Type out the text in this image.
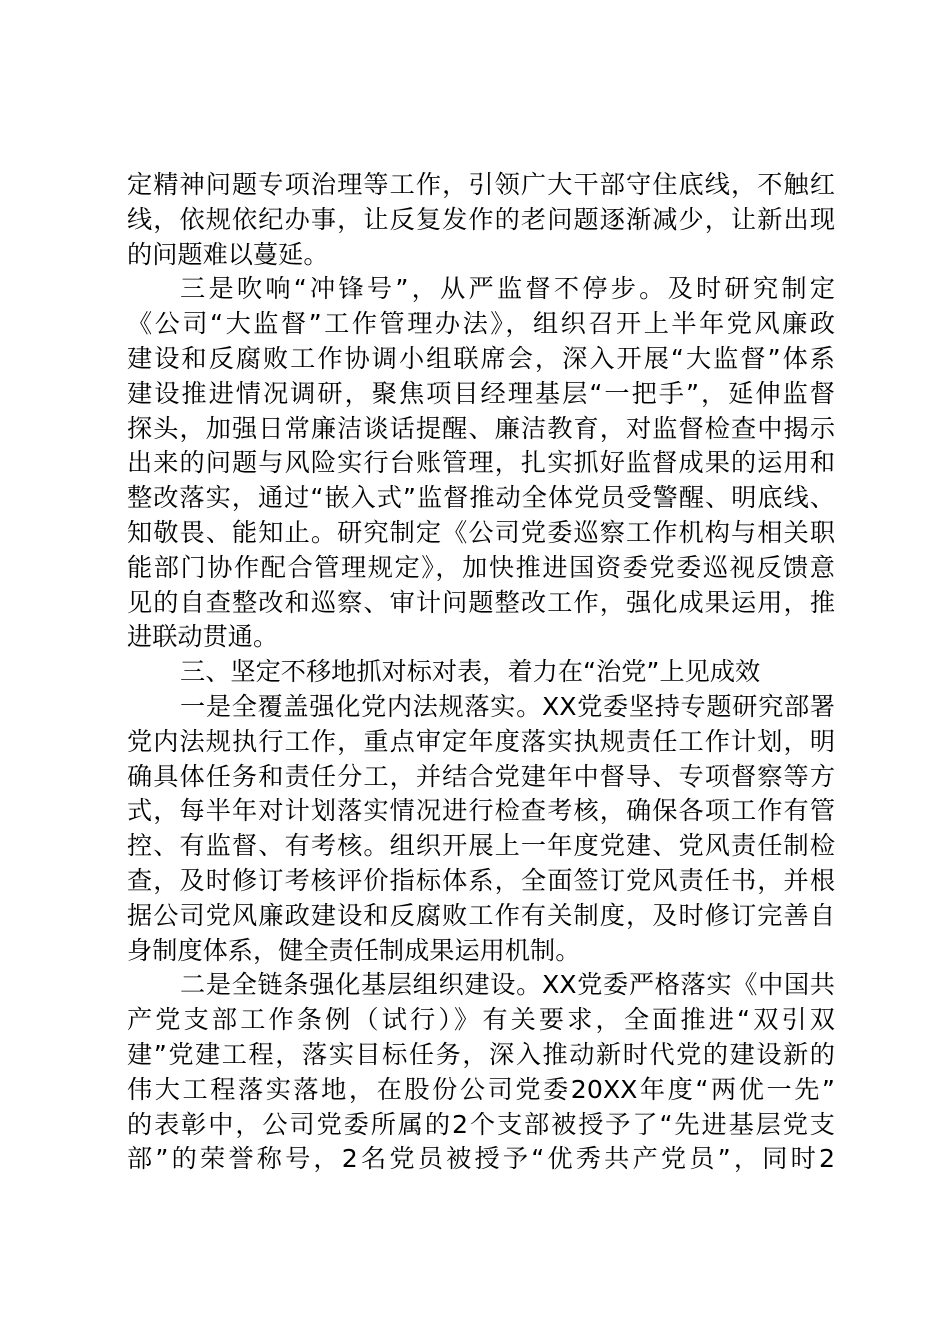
定精神问题专项治理等工作，引领广大干部守住底线，不触红
线，依规依纪办事，让反复发作的老问题逐渐减少，让新出现
的问题难以蔓延。
三是吹响“冲锋号”，从严监督不停步。及时研究制定
《公司“大监督”工作管理办法》，组织召开上半年党风廉政
建设和反腐败工作协调小组联席会，深入开展“大监督”体系
建设推进情况调研，聚焦项目经理基层“一把手”，延伸监督
探头，加强日常廉洁谈话提醒、廉洁教育，对监督检查中揭示
出来的问题与风险实行台账管理，扎实抓好监督成果的运用和
整改落实，通过“嵌入式”监督推动全体党员受警醒、明底线、
知敬畏、能知止。研究制定《公司党委巡察工作机构与相关职
能部门协作配合管理规定》，加快推进国资委党委巡视反馈意
见的自查整改和巡察、审计问题整改工作，强化成果运用，推
进联动贯通。
三、坚定不移地抓对标对表，着力在“治党”上见成效
一是全覆盖强化党内法规落实。XX党委坚持专题研究部署
党内法规执行工作，重点审定年度落实执规责任工作计划，明
确具体任务和责任分工，并结合党建年中督导、专项督察等方
式，每半年对计划落实情况进行检查考核，确保各项工作有管
控、有监督、有考核。组织开展上一年度党建、党风责任制检
查，及时修订考核评价指标体系，全面签订党风责任书，并根
据公司党风廉政建设和反腐败工作有关制度，及时修订完善自
身制度体系，健全责任制成果运用机制。
二是全链条强化基层组织建设。XX党委严格落实《中国共
产党支部工作条例（试行）》有关要求，全面推进“双引双
建”党建工程，落实目标任务，深入推动新时代党的建设新的
伟大工程落实落地，在股份公司党委20XX年度“两优一先”
的表彰中，公司党委所属的2个支部被授予了“先进基层党支
部”的荣誉称号，2名党员被授予“优秀共产党员”，同时2
